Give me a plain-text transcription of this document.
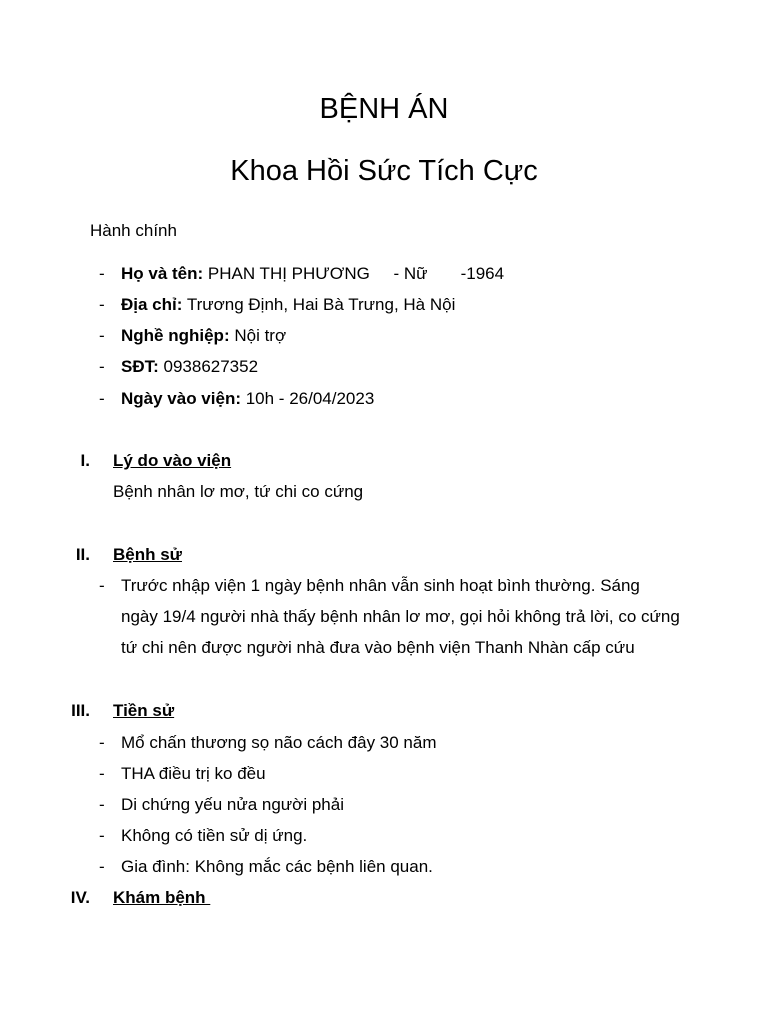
BỆNH ÁN
Khoa Hồi Sức Tích Cực
Hành chính
- Họ và tên: PHAN THỊ PHƯƠNG     - Nữ       -1964
- Địa chỉ: Trương Định, Hai Bà Trưng, Hà Nội
- Nghề nghiệp: Nội trợ
- SĐT: 0938627352
- Ngày vào viện: 10h - 26/04/2023
I. Lý do vào viện
Bệnh nhân lơ mơ, tứ chi co cứng
II. Bệnh sử
- Trước nhập viện 1 ngày bệnh nhân vẫn sinh hoạt bình thường. Sáng ngày 19/4 người nhà thấy bệnh nhân lơ mơ, gọi hỏi không trả lời, co cứng tứ chi nên được người nhà đưa vào bệnh viện Thanh Nhàn cấp cứu
III. Tiền sử
- Mổ chấn thương sọ não cách đây 30 năm
- THA điều trị ko đều
- Di chứng yếu nửa người phải
- Không có tiền sử dị ứng.
- Gia đình: Không mắc các bệnh liên quan.
IV. Khám bệnh
